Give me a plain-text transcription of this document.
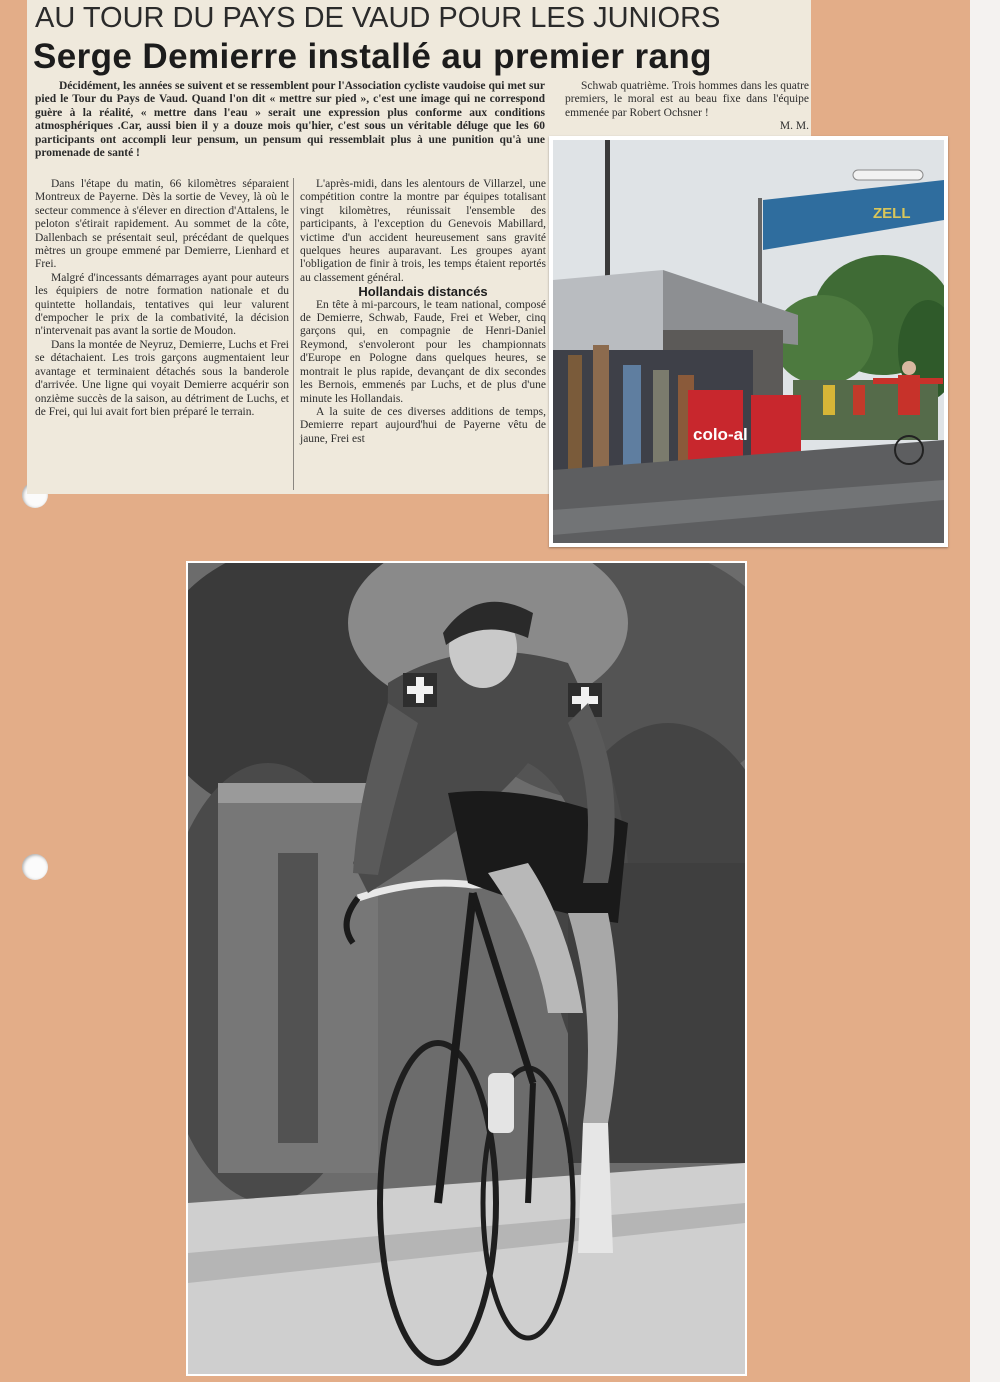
AU TOUR DU PAYS DE VAUD POUR LES JUNIORS
Serge Demierre installé au premier rang

Décidément, les années se suivent et se ressemblent pour l'Association cycliste vaudoise qui met sur pied le Tour du Pays de Vaud. Quand l'on dit « mettre sur pied », c'est une image qui ne correspond guère à la réalité, « mettre dans l'eau » serait une expression plus conforme aux conditions atmosphériques .Car, aussi bien il y a douze mois qu'hier, c'est sous un véritable déluge que les 60 participants ont accompli leur pensum, un pensum qui ressemblait plus à une punition qu'à une promenade de santé !

Dans l'étape du matin, 66 kilomètres séparaient Montreux de Payerne. Dès la sortie de Vevey, là où le secteur commence à s'élever en direction d'Attalens, le peloton s'étirait rapidement. Au sommet de la côte, Dallenbach se présentait seul, précédant de quelques mètres un groupe emmené par Demierre, Lienhard et Frei.

Malgré d'incessants démarrages ayant pour auteurs les équipiers de notre formation nationale et du quintette hollandais, tentatives qui leur valurent d'empocher le prix de la combativité, la décision n'intervenait pas avant la sortie de Moudon.

Dans la montée de Neyruz, Demierre, Luchs et Frei se détachaient. Les trois garçons augmentaient leur avantage et terminaient détachés sous la banderole d'arrivée. Une ligne qui voyait Demierre acquérir son onzième succès de la saison, au détriment de Luchs, et de Frei, qui lui avait fort bien préparé le terrain.

L'après-midi, dans les alentours de Villarzel, une compétition contre la montre par équipes totalisant vingt kilomètres, réunissait l'ensemble des participants, à l'exception du Genevois Mabillard, victime d'un accident heureusement sans gravité quelques heures auparavant. Les groupes ayant l'obligation de finir à trois, les temps étaient reportés au classement général.

Hollandais distancés

En tête à mi-parcours, le team national, composé de Demierre, Schwab, Faude, Frei et Weber, cinq garçons qui, en compagnie de Henri-Daniel Reymond, s'envoleront pour les championnats d'Europe en Pologne dans quelques heures, se montrait le plus rapide, devançant de dix secondes les Bernois, emmenés par Luchs, et de plus d'une minute les Hollandais.

A la suite de ces diverses additions de temps, Demierre repart aujourd'hui de Payerne vêtu de jaune, Frei est

Schwab quatrième. Trois hommes dans les quatre premiers, le moral est au beau fixe dans l'équipe emmenée par Robert Ochsner !

M. M.
ZELL
colo-al
